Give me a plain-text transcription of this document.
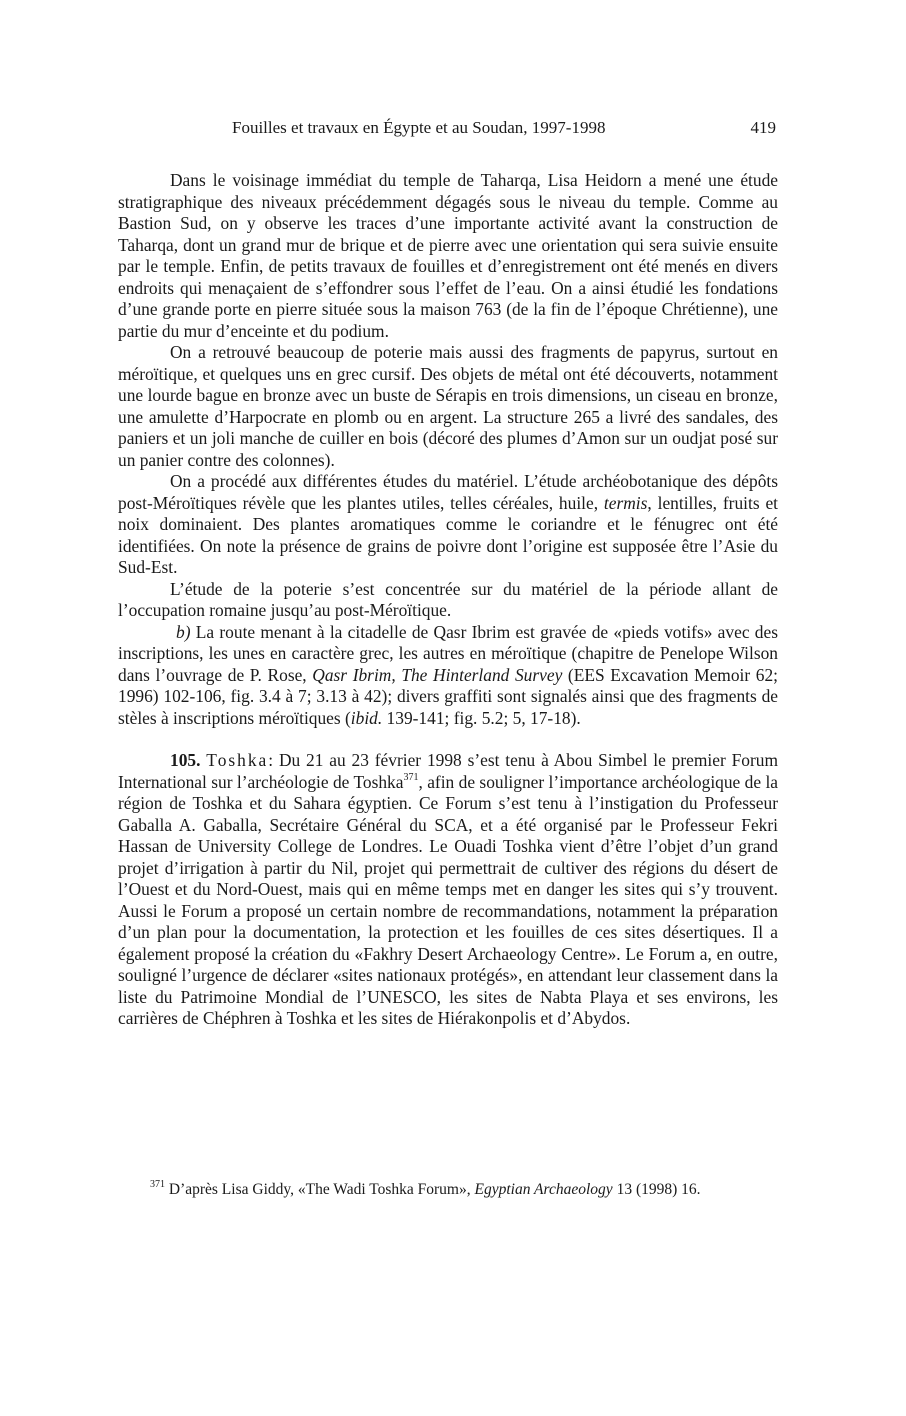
Fouilles et travaux en Égypte et au Soudan, 1997-1998	419

Dans le voisinage immédiat du temple de Taharqa, Lisa Heidorn a mené une étude stratigraphique des niveaux précédemment dégagés sous le niveau du temple. Comme au Bastion Sud, on y observe les traces d’une importante activité avant la construction de Taharqa, dont un grand mur de brique et de pierre avec une orientation qui sera suivie ensuite par le temple. Enfin, de petits travaux de fouilles et d’enregistrement ont été menés en divers endroits qui menaçaient de s’effondrer sous l’effet de l’eau. On a ainsi étudié les fondations d’une grande porte en pierre située sous la maison 763 (de la fin de l’époque Chrétienne), une partie du mur d’enceinte et du podium.

On a retrouvé beaucoup de poterie mais aussi des fragments de papyrus, surtout en méroïtique, et quelques uns en grec cursif. Des objets de métal ont été découverts, notamment une lourde bague en bronze avec un buste de Sérapis en trois dimensions, un ciseau en bronze, une amulette d’Harpocrate en plomb ou en argent. La structure 265 a livré des sandales, des paniers et un joli manche de cuiller en bois (décoré des plumes d’Amon sur un oudjat posé sur un panier contre des colonnes).

On a procédé aux différentes études du matériel. L’étude archéobotanique des dépôts post-Méroïtiques révèle que les plantes utiles, telles céréales, huile, termis, lentilles, fruits et noix dominaient. Des plantes aromatiques comme le coriandre et le fénugrec ont été identifiées. On note la présence de grains de poivre dont l’origine est supposée être l’Asie du Sud-Est.

L’étude de la poterie s’est concentrée sur du matériel de la période allant de l’occupation romaine jusqu’au post-Méroïtique.

b) La route menant à la citadelle de Qasr Ibrim est gravée de «pieds votifs» avec des inscriptions, les unes en caractère grec, les autres en méroïtique (chapitre de Penelope Wilson dans l’ouvrage de P. Rose, Qasr Ibrim, The Hinterland Survey (EES Excavation Memoir 62; 1996) 102-106, fig. 3.4 à 7; 3.13 à 42); divers graffiti sont signalés ainsi que des fragments de stèles à inscriptions méroïtiques (ibid. 139-141; fig. 5.2; 5, 17-18).

105. Toshka: Du 21 au 23 février 1998 s’est tenu à Abou Simbel le premier Forum International sur l’archéologie de Toshka$^{371}$, afin de souligner l’importance archéologique de la région de Toshka et du Sahara égyptien. Ce Forum s’est tenu à l’instigation du Professeur Gaballa A. Gaballa, Secrétaire Général du SCA, et a été organisé par le Professeur Fekri Hassan de University College de Londres. Le Ouadi Toshka vient d’être l’objet d’un grand projet d’irrigation à partir du Nil, projet qui permettrait de cultiver des régions du désert de l’Ouest et du Nord-Ouest, mais qui en même temps met en danger les sites qui s’y trouvent. Aussi le Forum a proposé un certain nombre de recommandations, notamment la préparation d’un plan pour la documentation, la protection et les fouilles de ces sites désertiques. Il a également proposé la création du «Fakhry Desert Archaeology Centre». Le Forum a, en outre, souligné l’urgence de déclarer «sites nationaux protégés», en attendant leur classement dans la liste du Patrimoine Mondial de l’UNESCO, les sites de Nabta Playa et ses environs, les carrières de Chéphren à Toshka et les sites de Hiérakonpolis et d’Abydos.

$^{371}$ D’après Lisa Giddy, «The Wadi Toshka Forum», Egyptian Archaeology 13 (1998) 16.
